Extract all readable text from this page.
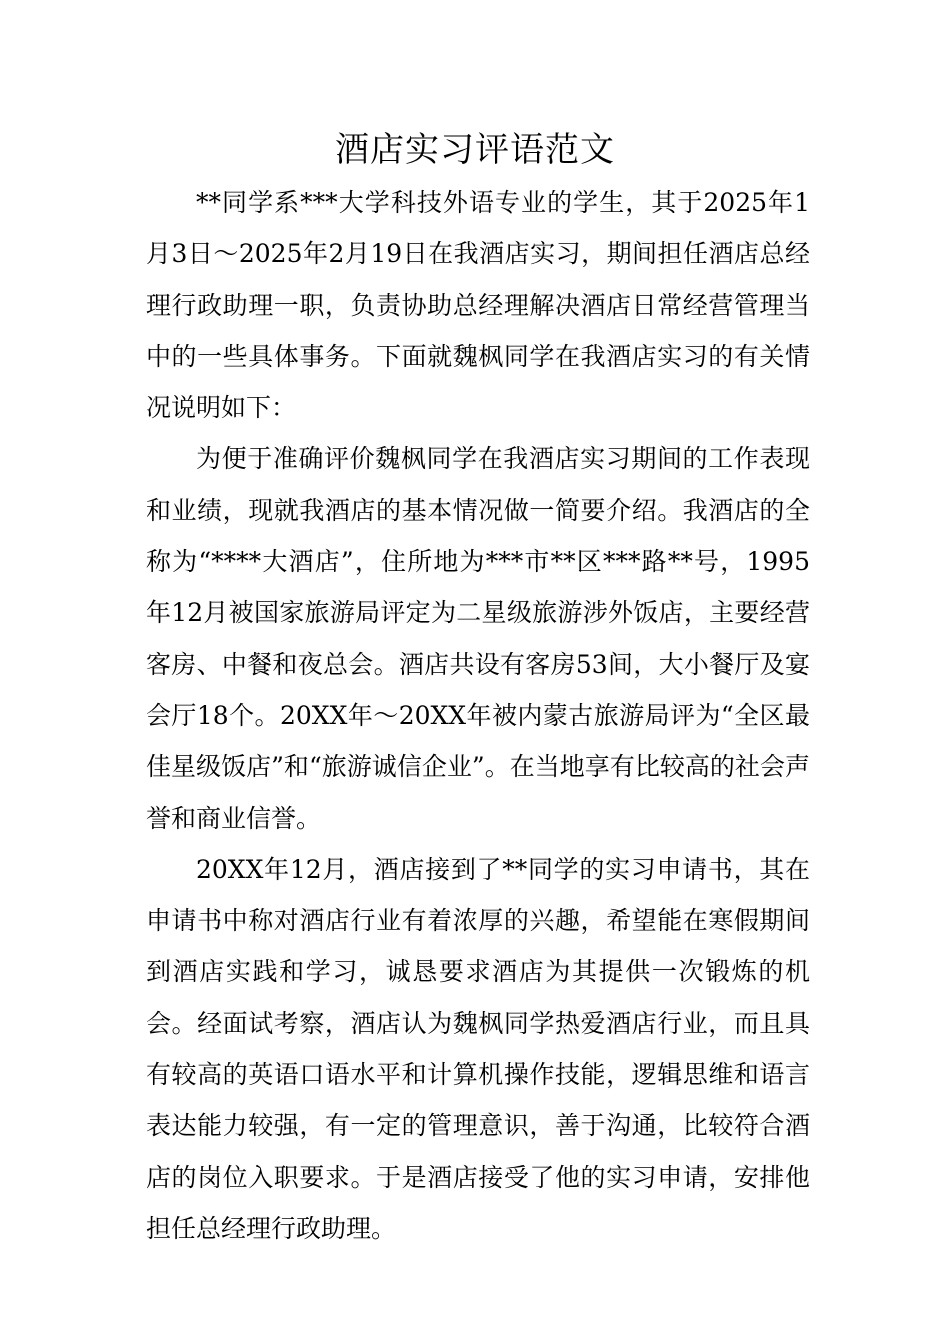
酒店实习评语范文

**同学系***大学科技外语专业的学生，其于2025年1月3日～2025年2月19日在我酒店实习，期间担任酒店总经理行政助理一职，负责协助总经理解决酒店日常经营管理当中的一些具体事务。下面就魏枫同学在我酒店实习的有关情况说明如下：

为便于准确评价魏枫同学在我酒店实习期间的工作表现和业绩，现就我酒店的基本情况做一简要介绍。我酒店的全称为“****大酒店”，住所地为***市**区***路**号，1995年12月被国家旅游局评定为二星级旅游涉外饭店，主要经营客房、中餐和夜总会。酒店共设有客房53间，大小餐厅及宴会厅18个。20XX年～20XX年被内蒙古旅游局评为“全区最佳星级饭店”和“旅游诚信企业”。在当地享有比较高的社会声誉和商业信誉。

20XX年12月，酒店接到了**同学的实习申请书，其在申请书中称对酒店行业有着浓厚的兴趣，希望能在寒假期间到酒店实践和学习，诚恳要求酒店为其提供一次锻炼的机会。经面试考察，酒店认为魏枫同学热爱酒店行业，而且具有较高的英语口语水平和计算机操作技能，逻辑思维和语言表达能力较强，有一定的管理意识，善于沟通，比较符合酒店的岗位入职要求。于是酒店接受了他的实习申请，安排他担任总经理行政助理。
